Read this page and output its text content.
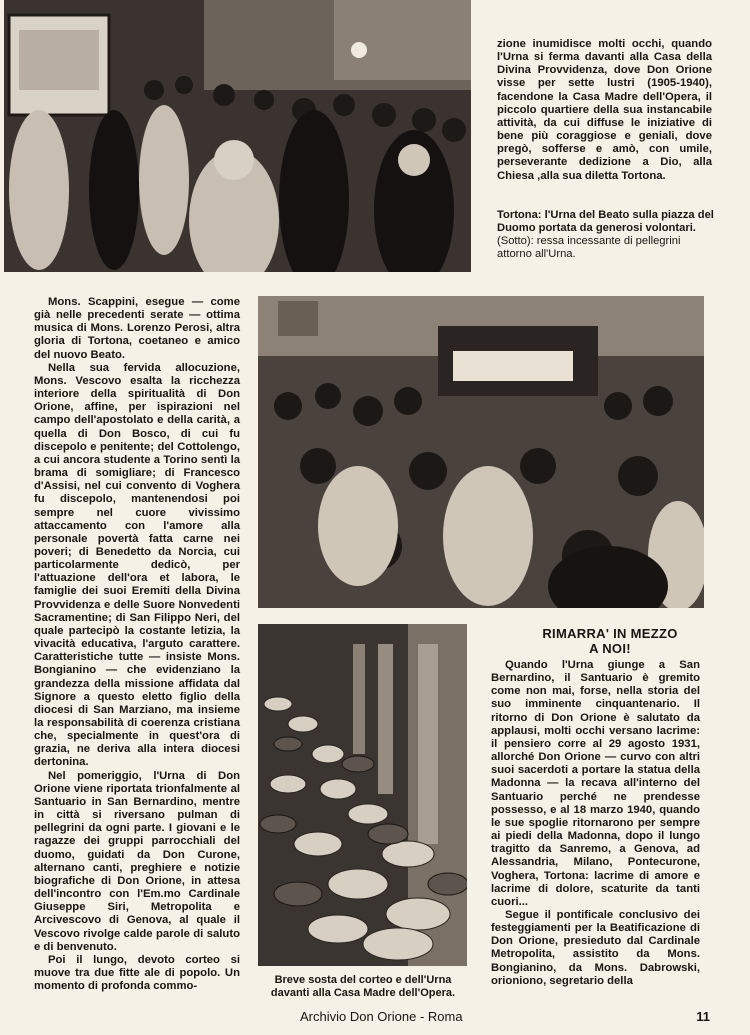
zione inumidisce molti occhi, quando l'Urna si ferma davanti alla Casa della Divina Provvidenza, dove Don Orione visse per sette lustri (1905-1940), facendone la Casa Madre dell'Opera, il piccolo quartiere della sua instancabile attività, da cui diffuse le iniziative di bene più coraggiose e geniali, dove pregò, sofferse e amò, con umile, perseverante dedizione a Dio, alla Chiesa ,alla sua diletta Tortona.

Tortona: l'Urna del Beato sulla piazza del Duomo portata da generosi volontari. (Sotto): ressa incessante di pellegrini attorno all'Urna.

Mons. Scappini, esegue — come già nelle precedenti serate — ottima musica di Mons. Lorenzo Perosi, altra gloria di Tortona, coetaneo e amico del nuovo Beato.

Nella sua fervida allocuzione, Mons. Vescovo esalta la ricchezza interiore della spiritualità di Don Orione, affine, per ispirazioni nel campo dell'apostolato e della carità, a quella di Don Bosco, di cui fu discepolo e penitente; del Cottolengo, a cui ancora studente a Torino sentì la brama di somigliare; di Francesco d'Assisi, nel cui convento di Voghera fu discepolo, mantenendosi poi sempre nel cuore vivissimo attaccamento con l'amore alla personale povertà fatta carne nei poveri; di Benedetto da Norcia, cui particolarmente dedicò, per l'attuazione dell'ora et labora, le famiglie dei suoi Eremiti della Divina Provvidenza e delle Suore Nonvedenti Sacramentine; di San Filippo Neri, del quale partecipò la costante letizia, la vivacità educativa, l'arguto carattere. Caratteristiche tutte — insiste Mons. Bongianino — che evidenziano la grandezza della missione affidata dal Signore a questo eletto figlio della diocesi di San Marziano, ma insieme la responsabilità di coerenza cristiana che, specialmente in quest'ora di grazia, ne deriva alla intera diocesi dertonina.

Nel pomeriggio, l'Urna di Don Orione viene riportata trionfalmente al Santuario in San Bernardino, mentre in città si riversano pulman di pellegrini da ogni parte. I giovani e le ragazze dei gruppi parrocchiali del duomo, guidati da Don Curone, alternano canti, preghiere e notizie biografiche di Don Orione, in attesa dell'incontro con l'Em.mo Cardinale Giuseppe Siri, Metropolita e Arcivescovo di Genova, al quale il Vescovo rivolge calde parole di saluto e di benvenuto.

Poi il lungo, devoto corteo si muove tra due fitte ale di popolo. Un momento di profonda commo-

RIMARRA' IN MEZZO A NOI!

Quando l'Urna giunge a San Bernardino, il Santuario è gremito come non mai, forse, nella storia del suo imminente cinquantenario. Il ritorno di Don Orione è salutato da applausi, molti occhi versano lacrime: il pensiero corre al 29 agosto 1931, allorché Don Orione — curvo con altri suoi sacerdoti a portare la statua della Madonna — la recava all'interno del Santuario perché ne prendesse possesso, e al 18 marzo 1940, quando le sue spoglie ritornarono per sempre ai piedi della Madonna, dopo il lungo tragitto da Sanremo, a Genova, ad Alessandria, Milano, Pontecurone, Voghera, Tortona: lacrime di amore e lacrime di dolore, scaturite da tanti cuori...

Segue il pontificale conclusivo dei festeggiamenti per la Beatificazione di Don Orione, presieduto dal Cardinale Metropolita, assistito da Mons. Bongianino, da Mons. Dabrowski, orioniono, segretario della

Breve sosta del corteo e dell'Urna davanti alla Casa Madre dell'Opera.
Archivio Don Orione - Roma	11
